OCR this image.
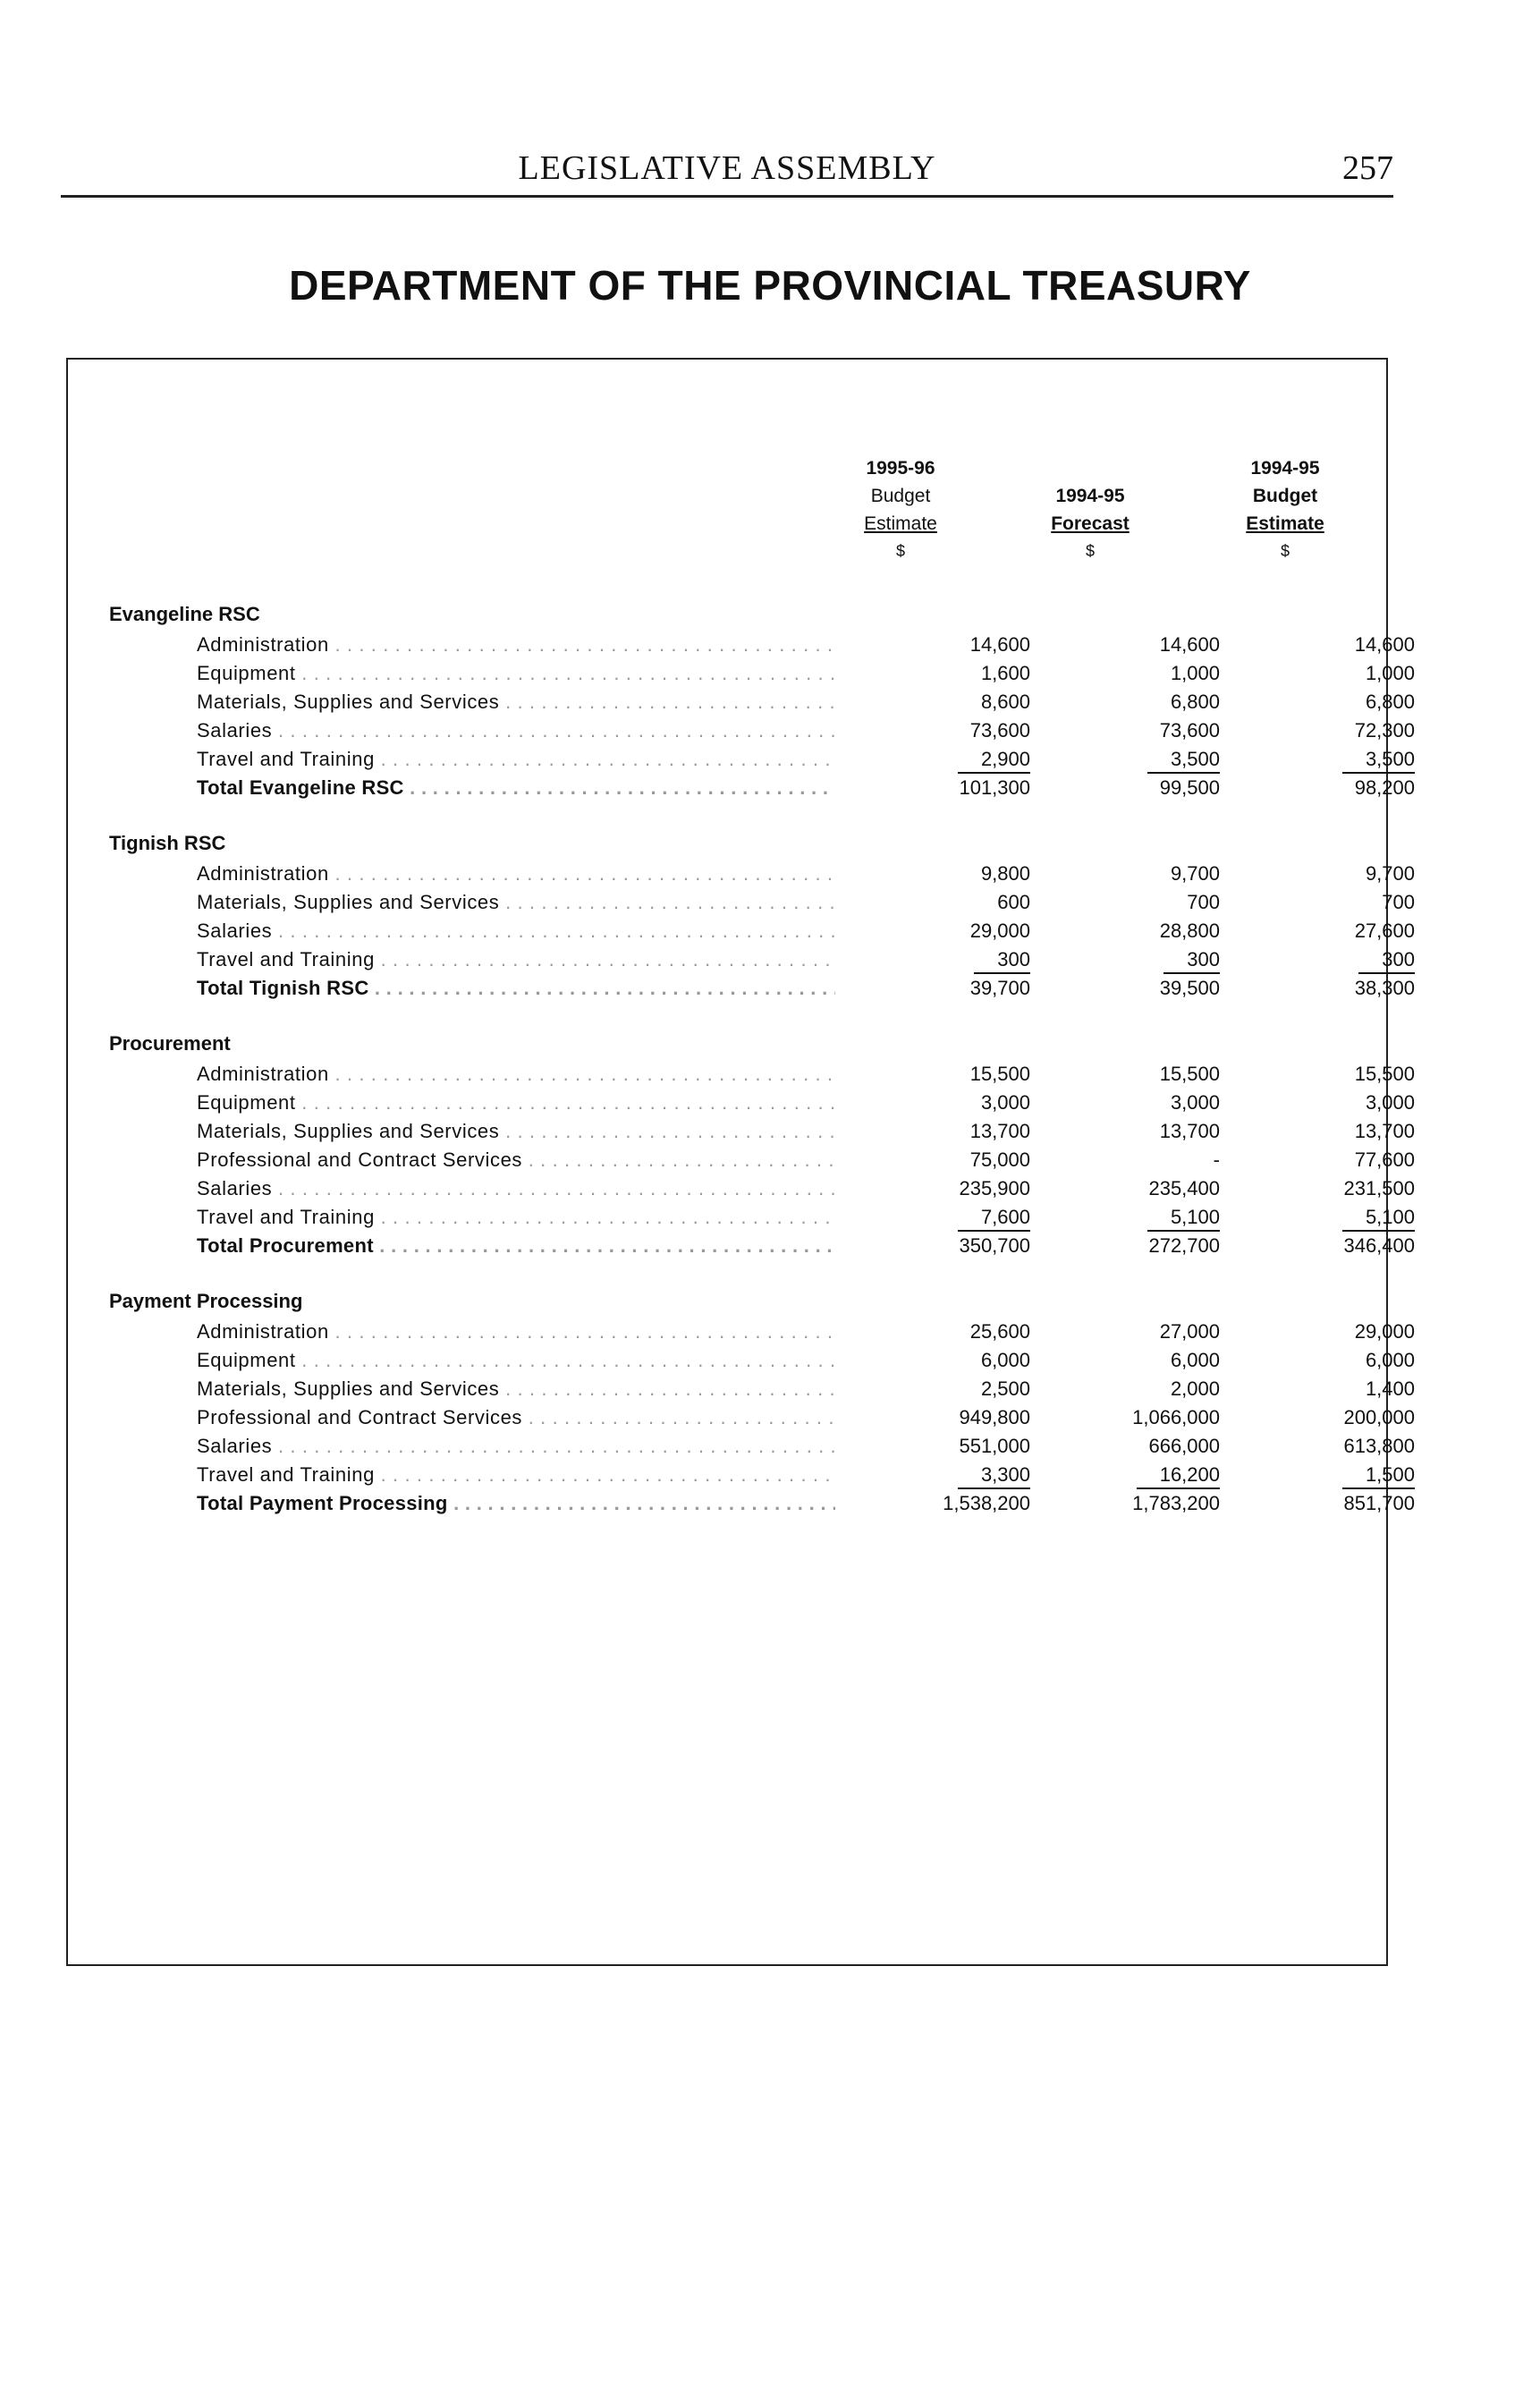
LEGISLATIVE ASSEMBLY	257
DEPARTMENT OF THE PROVINCIAL TREASURY
1995-96
Budget
Estimate
$

1994-95
Forecast
$
1994-95
Budget
Estimate
$
Evangeline RSC
Administration . . .	14,600	14,600	14,600
Equipment . . .	1,600	1,000	1,000
Materials, Supplies and Services . . .	8,600	6,800	6,800
Salaries . . .	73,600	73,600	72,300
Travel and Training . . .	2,900	3,500	3,500
Total Evangeline RSC . . .	101,300	99,500	98,200
Tignish RSC
Administration . . .	9,800	9,700	9,700
Materials, Supplies and Services . . .	600	700	700
Salaries . . .	29,000	28,800	27,600
Travel and Training . . .	300	300	300
Total Tignish RSC . . .	39,700	39,500	38,300
Procurement
Administration . . .	15,500	15,500	15,500
Equipment . . .	3,000	3,000	3,000
Materials, Supplies and Services . . .	13,700	13,700	13,700
Professional and Contract Services . . .	75,000	-	77,600
Salaries . . .	235,900	235,400	231,500
Travel and Training . . .	7,600	5,100	5,100
Total Procurement . . .	350,700	272,700	346,400
Payment Processing
Administration . . .	25,600	27,000	29,000
Equipment . . .	6,000	6,000	6,000
Materials, Supplies and Services . . .	2,500	2,000	1,400
Professional and Contract Services . . .	949,800	1,066,000	200,000
Salaries . . .	551,000	666,000	613,800
Travel and Training . . .	3,300	16,200	1,500
Total Payment Processing . . .	1,538,200	1,783,200	851,700
